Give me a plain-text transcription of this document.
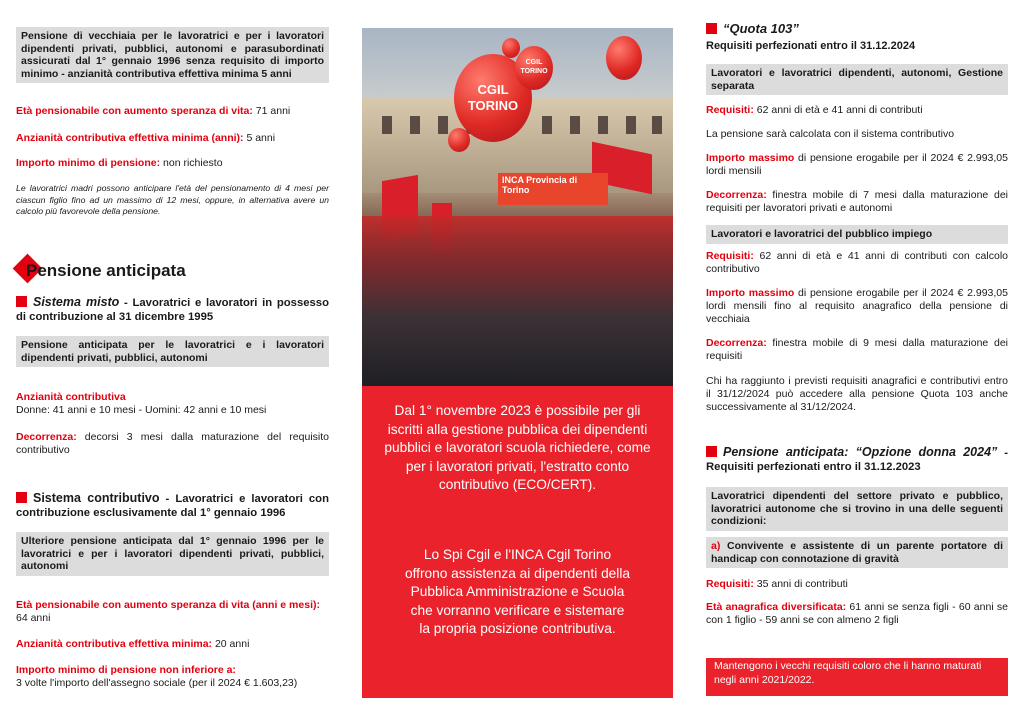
Pensione di vecchiaia per le lavoratrici e per i lavoratori dipendenti privati, pubblici, autonomi e parasubordinati assicurati dal 1° gennaio 1996 senza requisito di importo minimo - anzianità contributiva effettiva minima 5 anni

Età pensionabile con aumento speranza di vita: 71 anni

Anzianità contributiva effettiva minima (anni): 5 anni

Importo minimo di pensione: non richiesto

Le lavoratrici madri possono anticipare l'età del pensionamento di 4 mesi per ciascun figlio fino ad un massimo di 12 mesi, oppure, in alternativa avere un calcolo più favorevole della pensione.

Pensione anticipata
Sistema misto - Lavoratrici e lavoratori in possesso di contribuzione al 31 dicembre 1995
Pensione anticipata per le lavoratrici e i lavoratori dipendenti privati, pubblici, autonomi

Anzianità contributiva
Donne: 41 anni e 10 mesi - Uomini: 42 anni e 10 mesi

Decorrenza: decorsi 3 mesi dalla maturazione del requisito contributivo

Sistema contributivo - Lavoratrici e lavoratori con contribuzione esclusivamente dal 1° gennaio 1996
Ulteriore pensione anticipata dal 1° gennaio 1996 per le lavoratrici e per i lavoratori dipendenti privati, pubblici, autonomi

Età pensionabile con aumento speranza di vita (anni e mesi):
64 anni

Anzianità contributiva effettiva minima: 20 anni

Importo minimo di pensione non inferiore a:
3 volte l'importo dell'assegno sociale (per il 2024 € 1.603,23)

INCA Provincia di Torino
CGIL TORINO
CGIL TORINO
Dal 1° novembre 2023 è possibile per gli iscritti alla gestione pubblica dei dipendenti pubblici e lavoratori scuola richiedere, come per i lavoratori privati, l'estratto conto contributivo (ECO/CERT).
Lo Spi Cgil e l'INCA Cgil Torino offrono assistenza ai dipendenti della Pubblica Amministrazione e Scuola che vorranno verificare e sistemare la propria posizione contributiva.
“Quota 103”
Requisiti perfezionati entro il 31.12.2024
Lavoratori e lavoratrici dipendenti, autonomi, Gestione separata

Requisiti: 62 anni di età e 41 anni di contributi

La pensione sarà calcolata con il sistema contributivo

Importo massimo di pensione erogabile per il 2024 € 2.993,05 lordi mensili

Decorrenza: finestra mobile di 7 mesi dalla maturazione dei requisiti per lavoratori privati e autonomi

Lavoratori e lavoratrici del pubblico impiego

Requisiti: 62 anni di età e 41 anni di contributi con calcolo contributivo

Importo massimo di pensione erogabile per il 2024 € 2.993,05 lordi mensili fino al requisito anagrafico della pensione di vecchiaia

Decorrenza: finestra mobile di 9 mesi dalla maturazione dei requisiti

Chi ha raggiunto i previsti requisiti anagrafici e contributivi entro il 31/12/2024 può accedere alla pensione Quota 103 anche successivamente al 31/12/2024.

Pensione anticipata: “Opzione donna 2024” - Requisiti perfezionati entro il 31.12.2023
Lavoratrici dipendenti del settore privato e pubblico, lavoratrici autonome che si trovino in una delle seguenti condizioni:
a) Convivente e assistente di un parente portatore di handicap con connotazione di gravità

Requisiti: 35 anni di contributi

Età anagrafica diversificata: 61 anni se senza figli - 60 anni se con 1 figlio - 59 anni se con almeno 2 figli

Mantengono i vecchi requisiti coloro che li hanno maturati negli anni 2021/2022.
